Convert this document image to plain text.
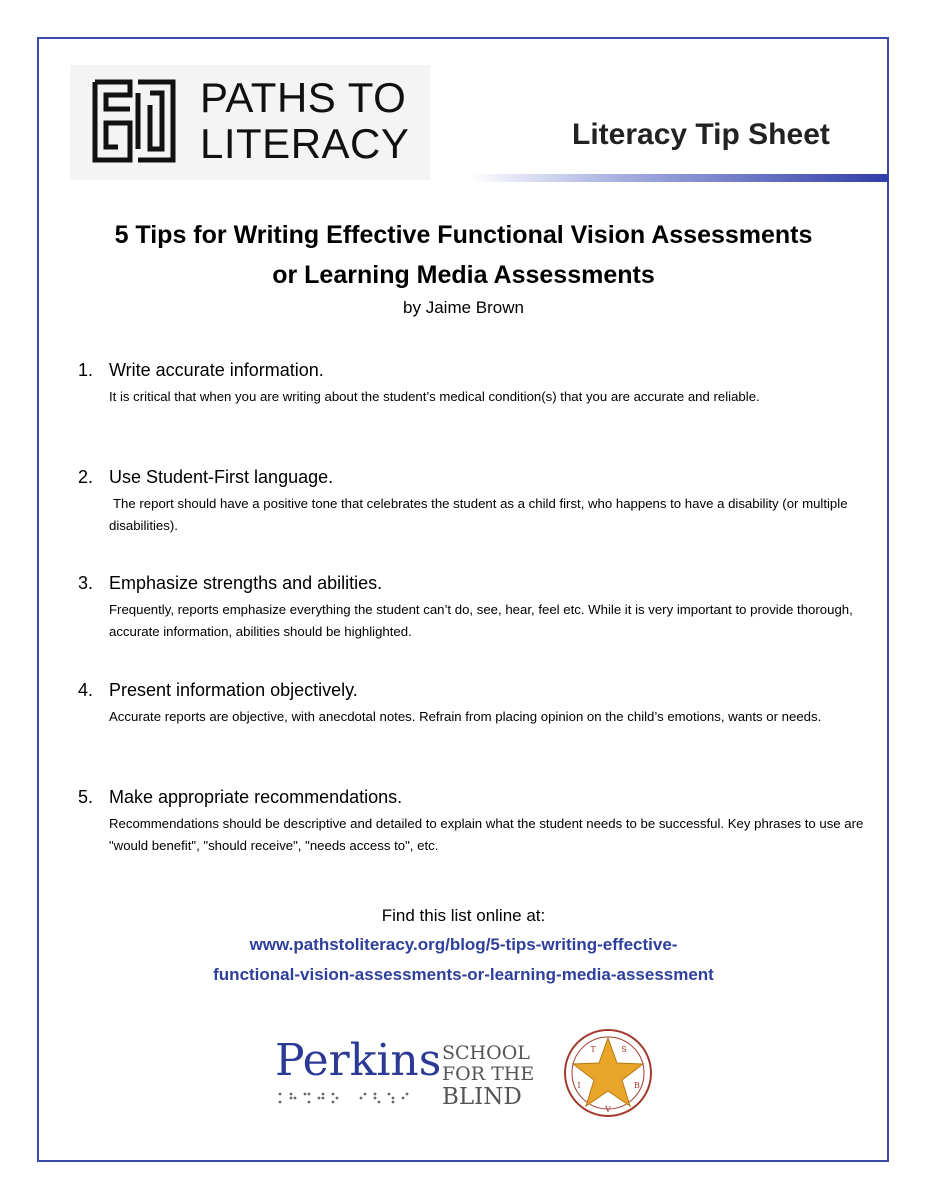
PATHS TO
LITERACY	Literacy Tip Sheet
5 Tips for Writing Effective Functional Vision Assessments
or Learning Media Assessments
by Jaime Brown
1. Write accurate information.
It is critical that when you are writing about the student’s medical condition(s) that you are accurate and reliable.
2. Use Student-First language.
The report should have a positive tone that celebrates the student as a child first, who happens to have a disability (or multiple disabilities).
3. Emphasize strengths and abilities.
Frequently, reports emphasize everything the student can’t do, see, hear, feel etc. While it is very important to provide thorough, accurate information, abilities should be highlighted.
4. Present information objectively.
Accurate reports are objective, with anecdotal notes. Refrain from placing opinion on the child’s emotions, wants or needs.
5. Make appropriate recommendations.
Recommendations should be descriptive and detailed to explain what the student needs to be successful. Key phrases to use are "would benefit", "should receive", "needs access to", etc.
Find this list online at:
www.pathstoliteracy.org/blog/5-tips-writing-effective-
functional-vision-assessments-or-learning-media-assessment
Perkins SCHOOL
FOR THE
BLIND
T	S
I	B
V
